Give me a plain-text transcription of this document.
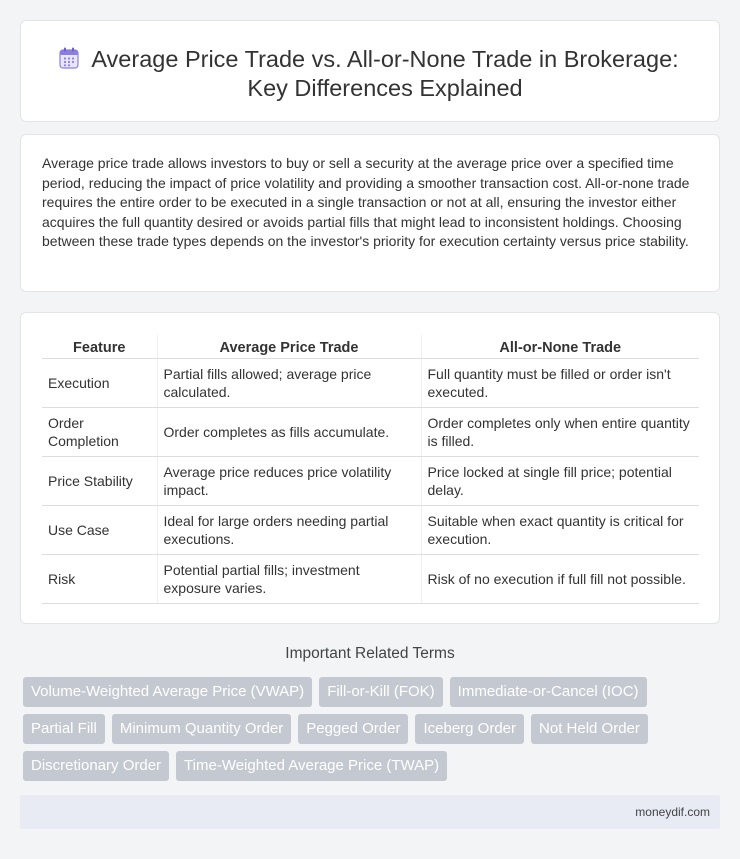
Average Price Trade vs. All-or-None Trade in Brokerage: Key Differences Explained

Average price trade allows investors to buy or sell a security at the average price over a specified time period, reducing the impact of price volatility and providing a smoother transaction cost. All-or-none trade requires the entire order to be executed in a single transaction or not at all, ensuring the investor either acquires the full quantity desired or avoids partial fills that might lead to inconsistent holdings. Choosing between these trade types depends on the investor's priority for execution certainty versus price stability.

Feature	Average Price Trade	All-or-None Trade
Execution	Partial fills allowed; average price calculated.	Full quantity must be filled or order isn't executed.
Order Completion	Order completes as fills accumulate.	Order completes only when entire quantity is filled.
Price Stability	Average price reduces price volatility impact.	Price locked at single fill price; potential delay.
Use Case	Ideal for large orders needing partial executions.	Suitable when exact quantity is critical for execution.
Risk	Potential partial fills; investment exposure varies.	Risk of no execution if full fill not possible.
Important Related Terms
Volume-Weighted Average Price (VWAP)	Fill-or-Kill (FOK)	Immediate-or-Cancel (IOC)
Partial Fill	Minimum Quantity Order	Pegged Order	Iceberg Order	Not Held Order
Discretionary Order	Time-Weighted Average Price (TWAP)
moneydif.com
